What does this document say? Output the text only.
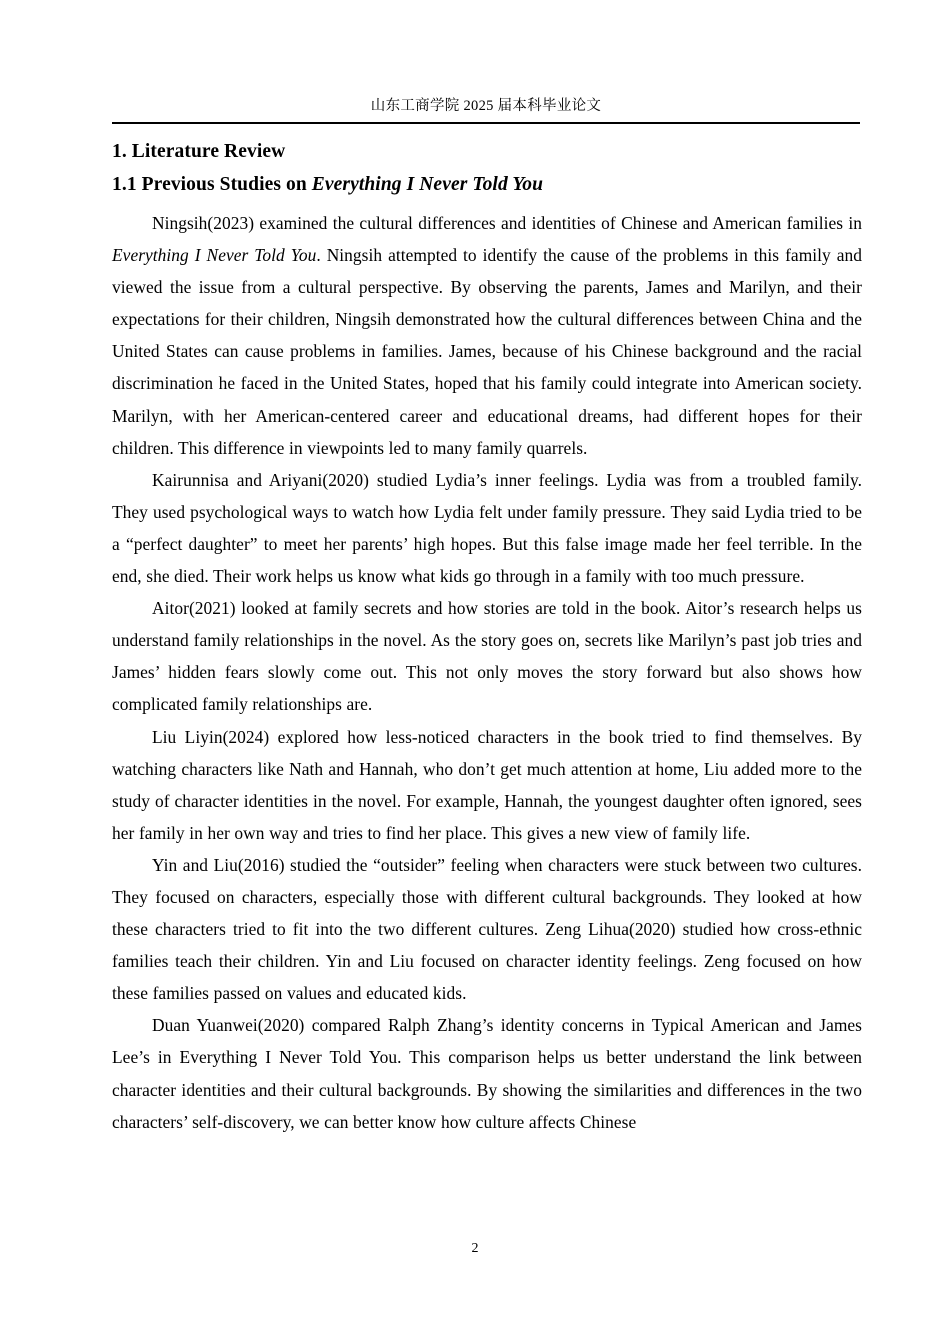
山东工商学院 2025 届本科毕业论文
1. Literature Review
1.1 Previous Studies on Everything I Never Told You

Ningsih(2023) examined the cultural differences and identities of Chinese and American families in Everything I Never Told You. Ningsih attempted to identify the cause of the problems in this family and viewed the issue from a cultural perspective. By observing the parents, James and Marilyn, and their expectations for their children, Ningsih demonstrated how the cultural differences between China and the United States can cause problems in families. James, because of his Chinese background and the racial discrimination he faced in the United States, hoped that his family could integrate into American society. Marilyn, with her American-centered career and educational dreams, had different hopes for their children. This difference in viewpoints led to many family quarrels.

Kairunnisa and Ariyani(2020) studied Lydia’s inner feelings. Lydia was from a troubled family. They used psychological ways to watch how Lydia felt under family pressure. They said Lydia tried to be a “perfect daughter” to meet her parents’ high hopes. But this false image made her feel terrible. In the end, she died. Their work helps us know what kids go through in a family with too much pressure.

Aitor(2021) looked at family secrets and how stories are told in the book. Aitor’s research helps us understand family relationships in the novel. As the story goes on, secrets like Marilyn’s past job tries and James’ hidden fears slowly come out. This not only moves the story forward but also shows how complicated family relationships are.

Liu Liyin(2024) explored how less-noticed characters in the book tried to find themselves. By watching characters like Nath and Hannah, who don’t get much attention at home, Liu added more to the study of character identities in the novel. For example, Hannah, the youngest daughter often ignored, sees her family in her own way and tries to find her place. This gives a new view of family life.

Yin and Liu(2016) studied the “outsider” feeling when characters were stuck between two cultures. They focused on characters, especially those with different cultural backgrounds. They looked at how these characters tried to fit into the two different cultures. Zeng Lihua(2020) studied how cross-ethnic families teach their children. Yin and Liu focused on character identity feelings. Zeng focused on how these families passed on values and educated kids.

Duan Yuanwei(2020) compared Ralph Zhang’s identity concerns in Typical American and James Lee’s in Everything I Never Told You. This comparison helps us better understand the link between character identities and their cultural backgrounds. By showing the similarities and differences in the two characters’ self-discovery, we can better know how culture affects Chinese

2
